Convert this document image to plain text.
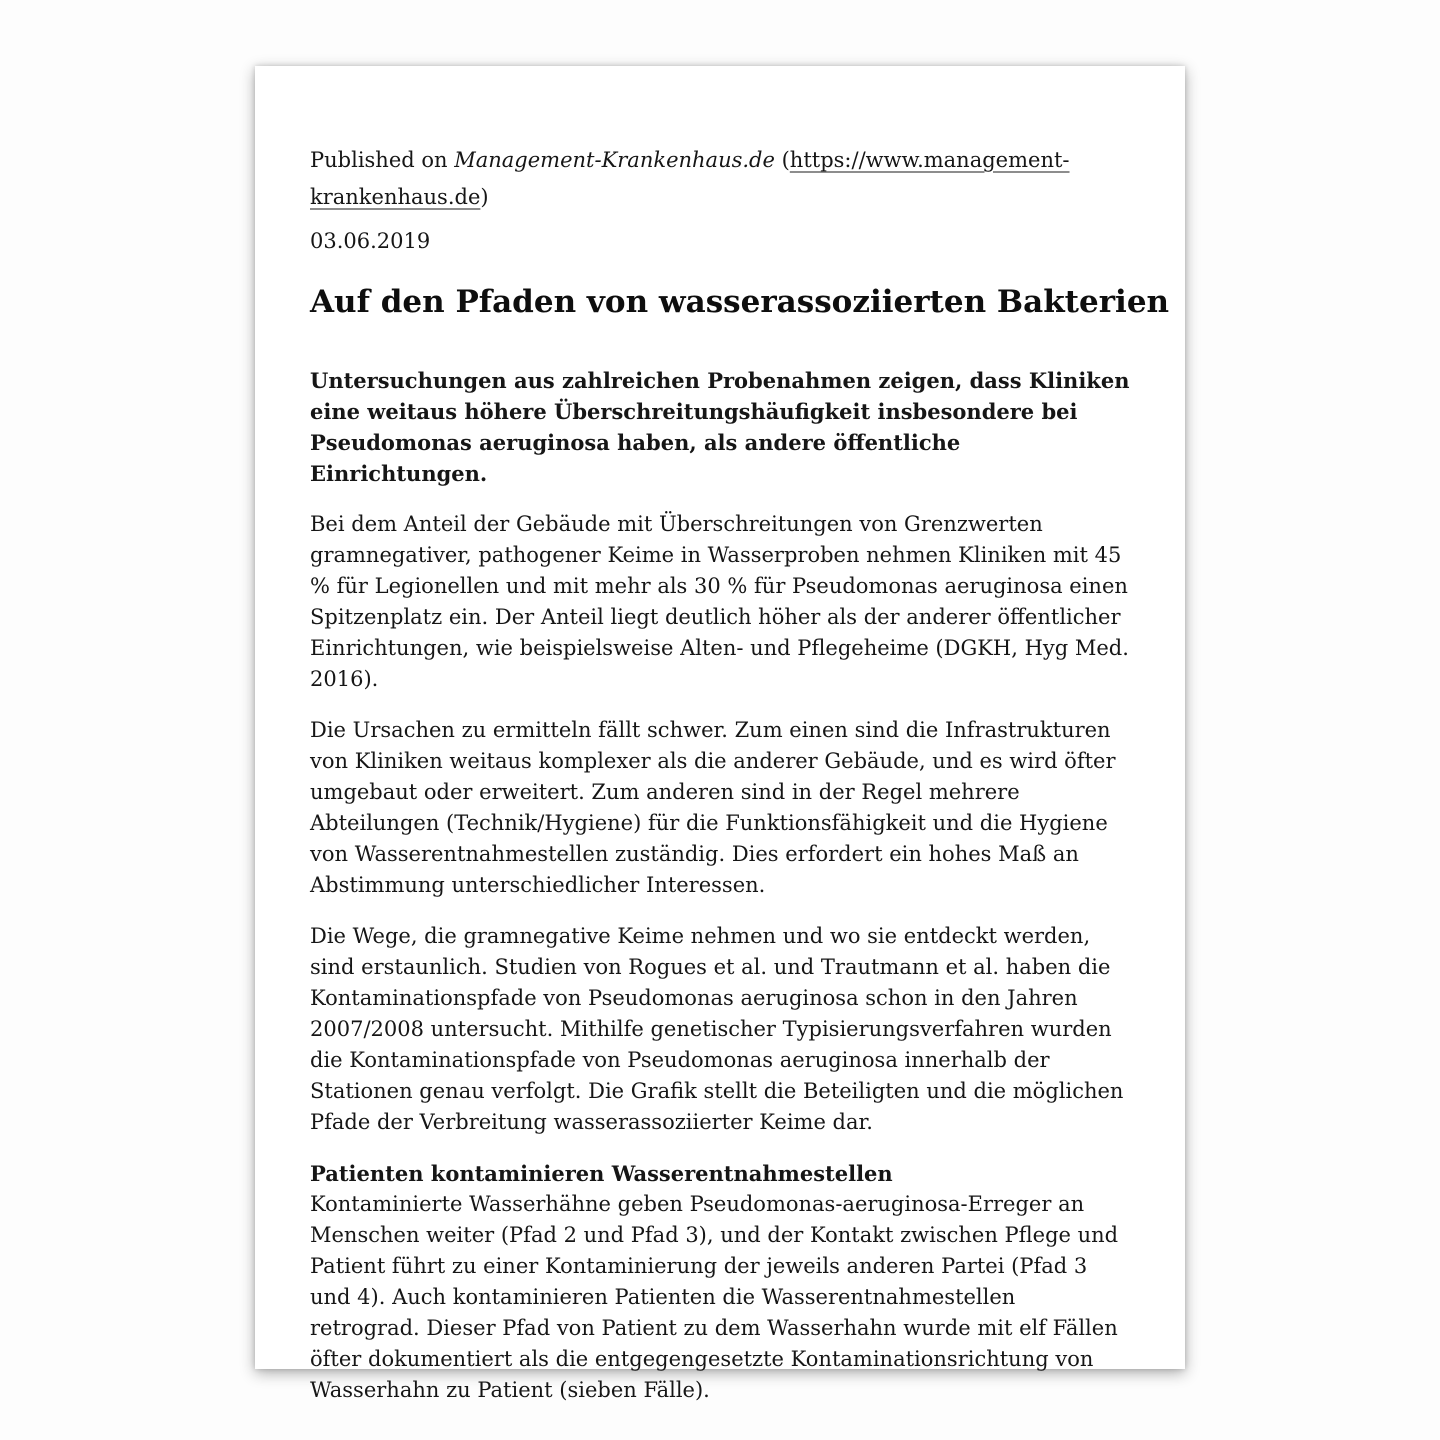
Published on Management-Krankenhaus.de (https://www.management-krankenhaus.de)

03.06.2019

Auf den Pfaden von wasserassoziierten Bakterien

Untersuchungen aus zahlreichen Probenahmen zeigen, dass Kliniken eine weitaus höhere Überschreitungshäufigkeit insbesondere bei Pseudomonas aeruginosa haben, als andere öffentliche Einrichtungen.

Bei dem Anteil der Gebäude mit Überschreitungen von Grenzwerten gramnegativer, pathogener Keime in Wasserproben nehmen Kliniken mit 45 % für Legionellen und mit mehr als 30 % für Pseudomonas aeruginosa einen Spitzenplatz ein. Der Anteil liegt deutlich höher als der anderer öffentlicher Einrichtungen, wie beispielsweise Alten- und Pflegeheime (DGKH, Hyg Med. 2016).

Die Ursachen zu ermitteln fällt schwer. Zum einen sind die Infrastrukturen von Kliniken weitaus komplexer als die anderer Gebäude, und es wird öfter umgebaut oder erweitert. Zum anderen sind in der Regel mehrere Abteilungen (Technik/Hygiene) für die Funktionsfähigkeit und die Hygiene von Wasserentnahmestellen zuständig. Dies erfordert ein hohes Maß an Abstimmung unterschiedlicher Interessen.

Die Wege, die gramnegative Keime nehmen und wo sie entdeckt werden, sind erstaunlich. Studien von Rogues et al. und Trautmann et al. haben die Kontaminationspfade von Pseudomonas aeruginosa schon in den Jahren 2007/2008 untersucht. Mithilfe genetischer Typisierungsverfahren wurden die Kontaminationspfade von Pseudomonas aeruginosa innerhalb der Stationen genau verfolgt. Die Grafik stellt die Beteiligten und die möglichen Pfade der Verbreitung wasserassoziierter Keime dar.

Patienten kontaminieren Wasserentnahmestellen

Kontaminierte Wasserhähne geben Pseudomonas-aeruginosa-Erreger an Menschen weiter (Pfad 2 und Pfad 3), und der Kontakt zwischen Pflege und Patient führt zu einer Kontaminierung der jeweils anderen Partei (Pfad 3 und 4). Auch kontaminieren Patienten die Wasserentnahmestellen retrograd. Dieser Pfad von Patient zu dem Wasserhahn wurde mit elf Fällen öfter dokumentiert als die entgegengesetzte Kontaminationsrichtung von Wasserhahn zu Patient (sieben Fälle).
